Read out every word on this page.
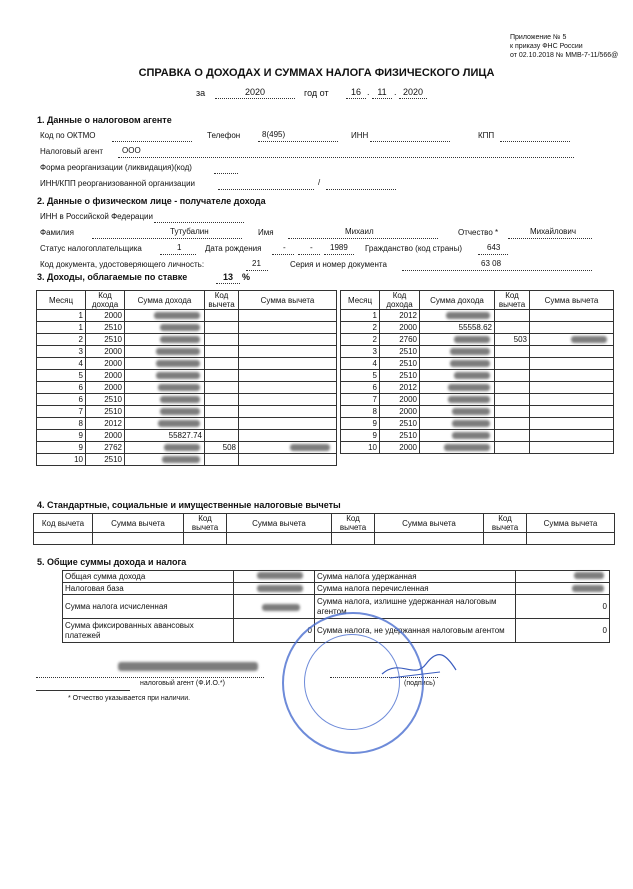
Приложение № 5
к приказу ФНС России
от 02.10.2018 № ММВ-7-11/566@
СПРАВКА О ДОХОДАХ И СУММАХ НАЛОГА ФИЗИЧЕСКОГО ЛИЦА
за	2020	год от	16 . 11 . 2020
1. Данные о налоговом агенте
Код по ОКТМО	Телефон	8(495)	ИНН	КПП
Налоговый агент ООО
Форма реорганизации (ликвидация)(код)
ИНН/КПП реорганизованной организации	/
2. Данные о физическом лице - получателе дохода
ИНН в Российской Федерации
Фамилия	Тутубалин	Имя	Михаил	Отчество *	Михайлович
Статус налогоплательщика	1	Дата рождения	-	- 1989 Гражданство (код страны)	643
Код документа, удостоверяющего личность:	21	Серия и номер документа	63 08
3. Доходы, облагаемые по ставке	13	%
Месяц	Код дохода	Сумма дохода	Код вычета	Сумма вычета
1	2000	

1	2510	

2	2510	

3	2000	

4	2000	

5	2000	

6	2000	

6	2510	

7	2510	

8	2012	

9	2000	55827.74		
9	2762		508	

10	2510	

Месяц	Код дохода	Сумма дохода	Код вычета	Сумма вычета
1	2012	

2	2000	55558.62		
2	2760		503	

3	2510	

4	2510	

5	2510	

6	2012	

7	2000	

8	2000	

9	2510	

9	2510	

10	2000	

4. Стандартные, социальные и имущественные налоговые вычеты
Код вычета	Сумма вычета	Код вычета	Сумма вычета	Код вычета	Сумма вычета	Код вычета	Сумма вычета

5. Общие суммы дохода и налога
Общая сумма дохода		Сумма налога удержанная	
Налоговая база		Сумма налога перечисленная	
Сумма налога исчисленная		Сумма налога, излишне удержанная налоговым агентом	0
Сумма фиксированных авансовых платежей	0	Сумма налога, не удержанная налоговым агентом	0
налоговый агент (Ф.И.О.*)	(подпись)
* Отчество указывается при наличии.
